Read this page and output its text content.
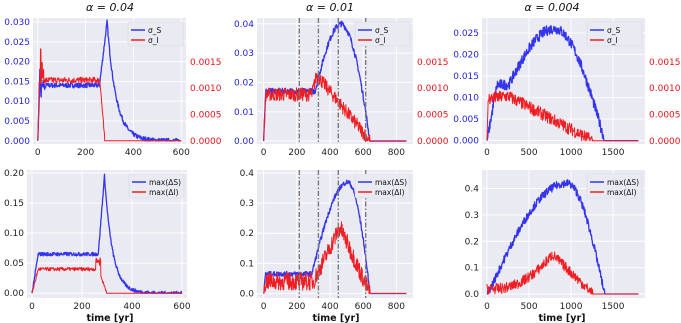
α = 0.04	α = 0.01	α = 0.004
time [yr]	time [yr]	time [yr]
0.000
0.005
0.010
0.015
0.020
0.025
0.030
0	200	400	600
0.0000
0.0005
0.0010
0.0015
σ_S
σ_I
0.00
0.01
0.02
0.03
0.04
0 200 400 600 800
0.0000
0.0005
0.0010
0.0015
σ_S
σ_I
0.000
0.005
0.010
0.015
0.020
0.025
0	500 1000 1500
0.0000
0.0005
0.0010
0.0015
σ_S
σ_I
0.00
0.05
0.10
0.15
0.20
0	200	400	600
max(ΔS)
max(ΔI)
0.0
0.1
0.2
0.3
0.4
0 200 400 600 800
max(ΔS)
max(ΔI)
0.0
0.1
0.2
0.3
0.4
0	500 1000 1500
max(ΔS)
max(ΔI)
